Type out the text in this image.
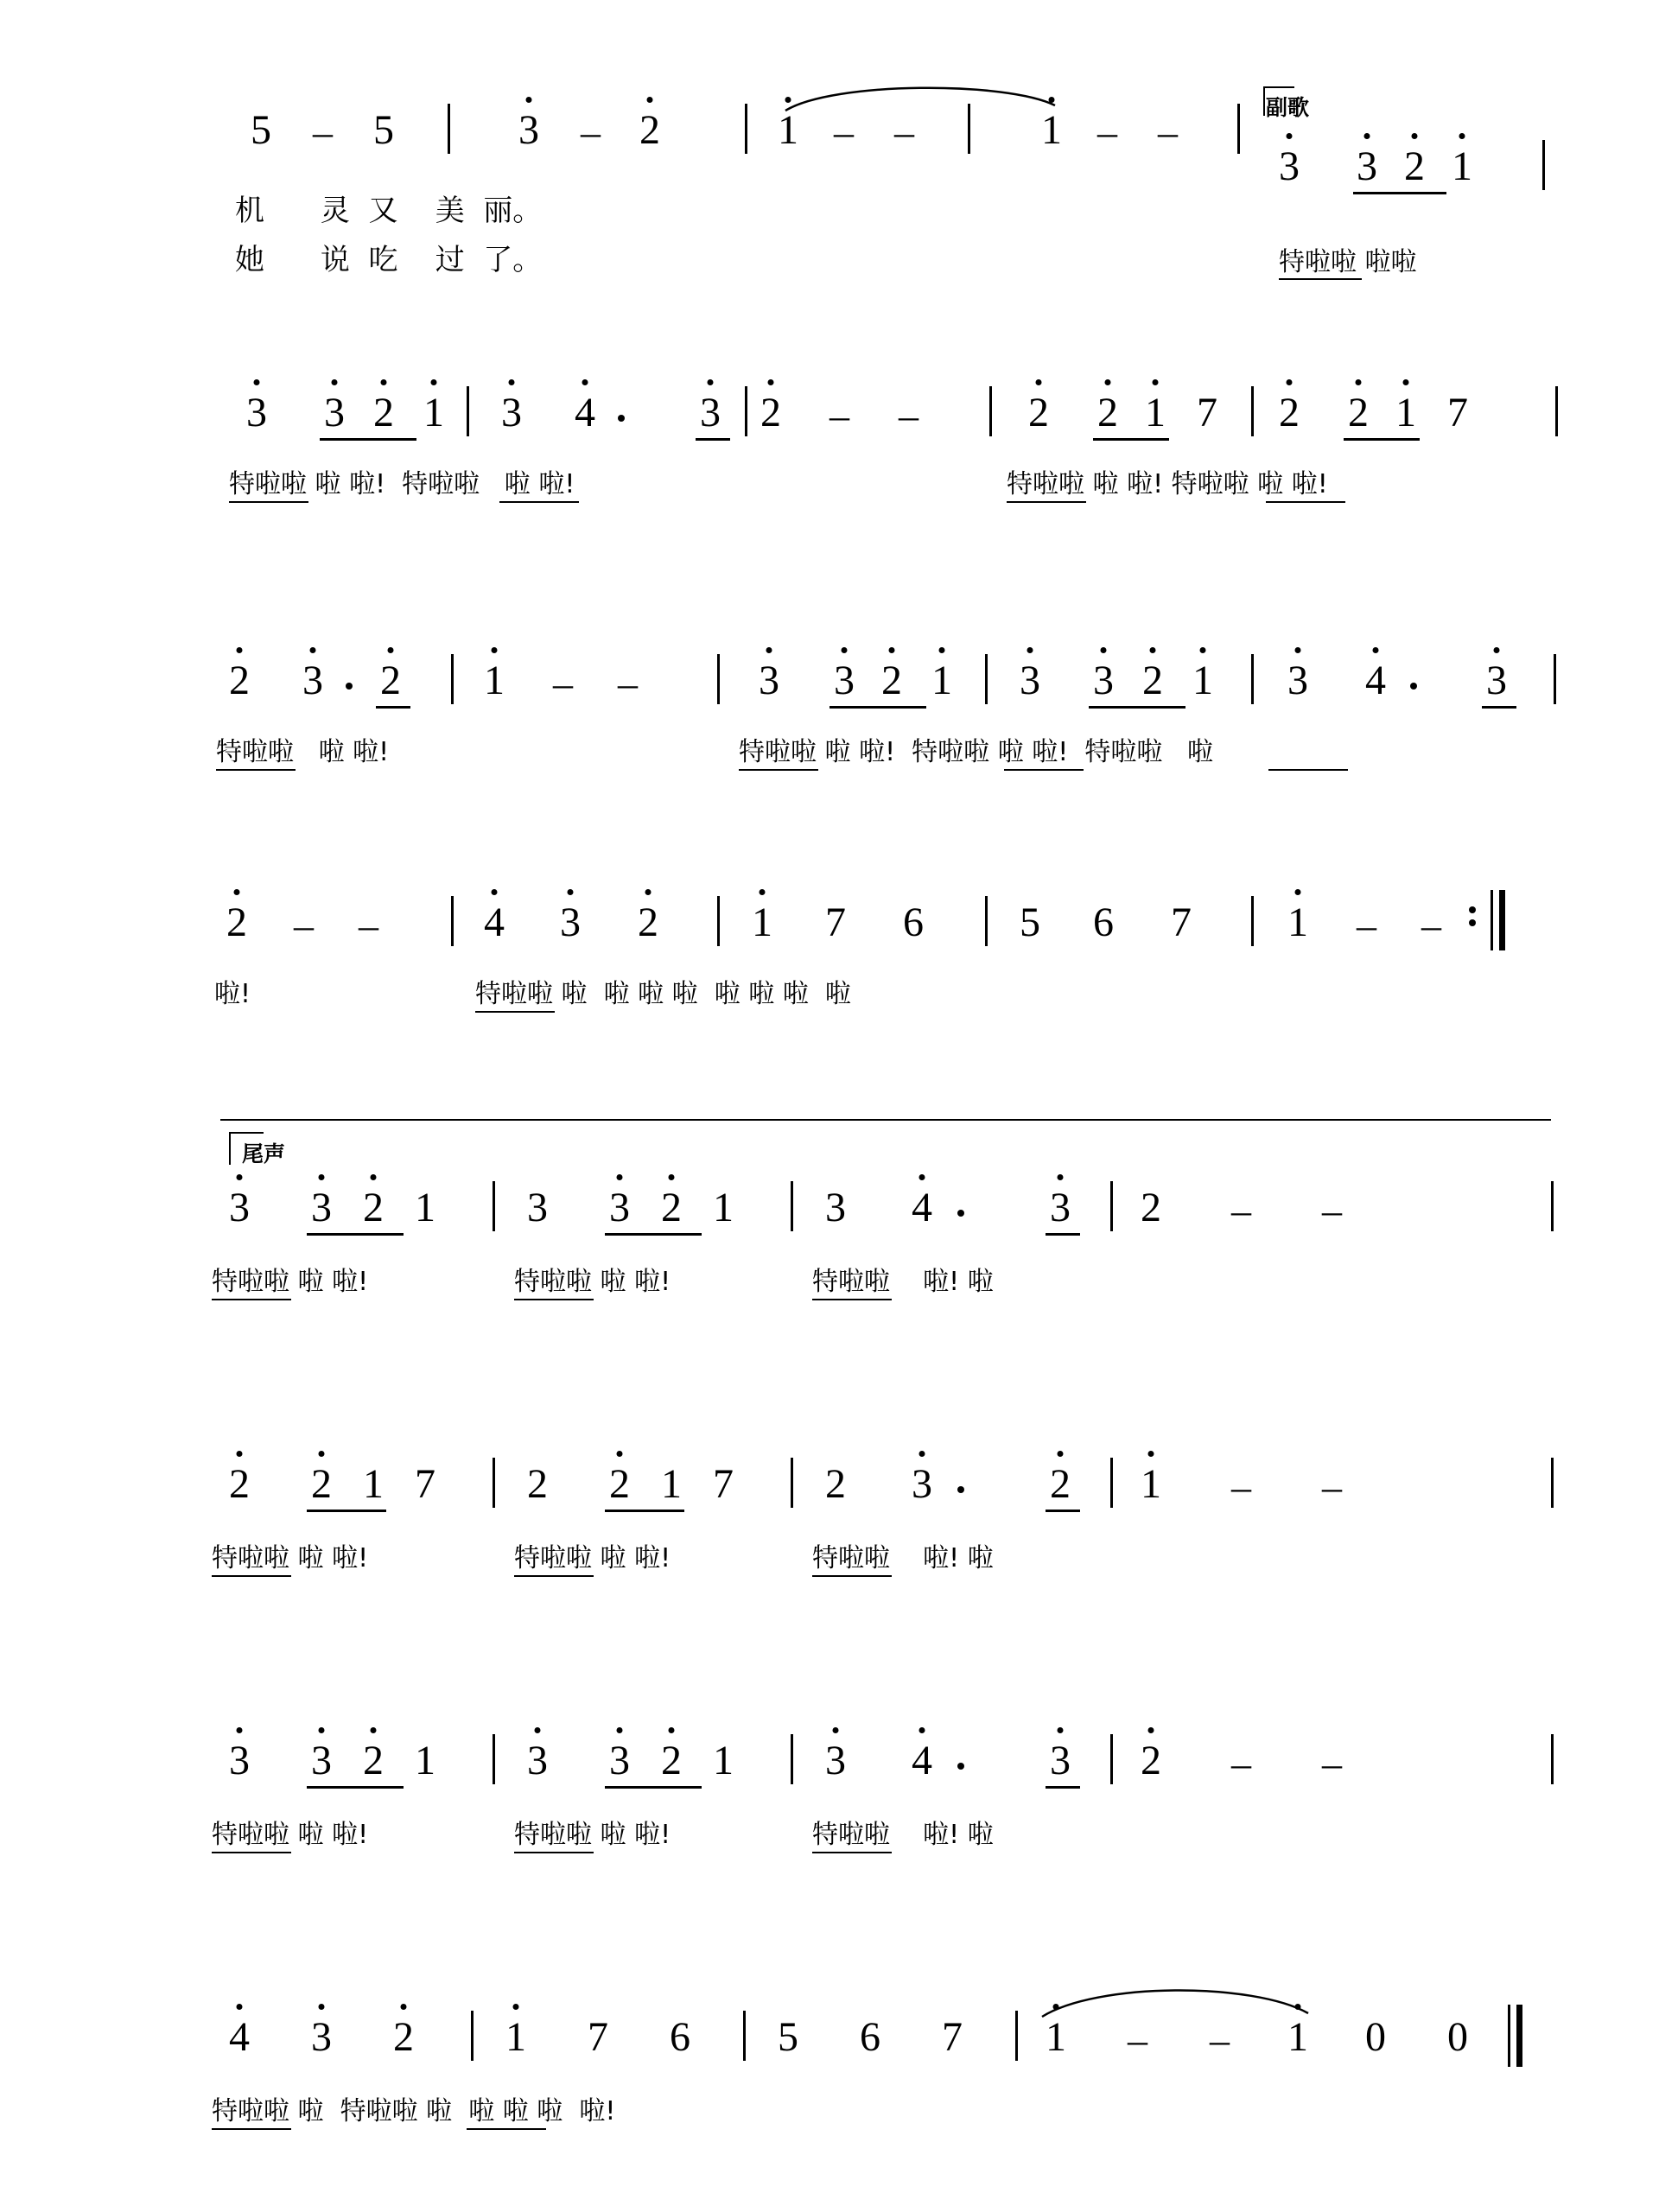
副歌
5 – 5	3 – 2	1 – –	1 – –
3 3 2 1
机      灵  又    美  丽。
她      说  吃    过  了。	特啦啦 啦啦
3 3 2 1 3 4	3 2 – –	2 2 1 7 2 2 1 7
特啦啦 啦 啦!  特啦啦   啦 啦!	特啦啦 啦 啦! 特啦啦 啦 啦!
2 3 2 1 – –	3 3 2 1 3 3 2 1 3 4 3
特啦啦   啦 啦!	特啦啦 啦 啦!  特啦啦 啦 啦!  特啦啦   啦
2 – –	4 3 2 1 7 6 5 6 7 1 – –
啦!	特啦啦 啦  啦 啦 啦  啦 啦 啦  啦
尾声
3 3 2 1 3 3 2 1 3 4	3 2 – –
特啦啦 啦 啦!	特啦啦 啦 啦!	特啦啦    啦! 啦
2 2 1 7 2 2 1 7 2 3	2 1 – –
特啦啦 啦 啦!	特啦啦 啦 啦!	特啦啦    啦! 啦
3 3 2 1 3 3 2 1 3 4	3 2 – –
特啦啦 啦 啦!	特啦啦 啦 啦!	特啦啦    啦! 啦
4 3 2 1 7 6 5 6 7 1 – – 1 0 0
特啦啦 啦  特啦啦 啦  啦 啦 啦  啦!
